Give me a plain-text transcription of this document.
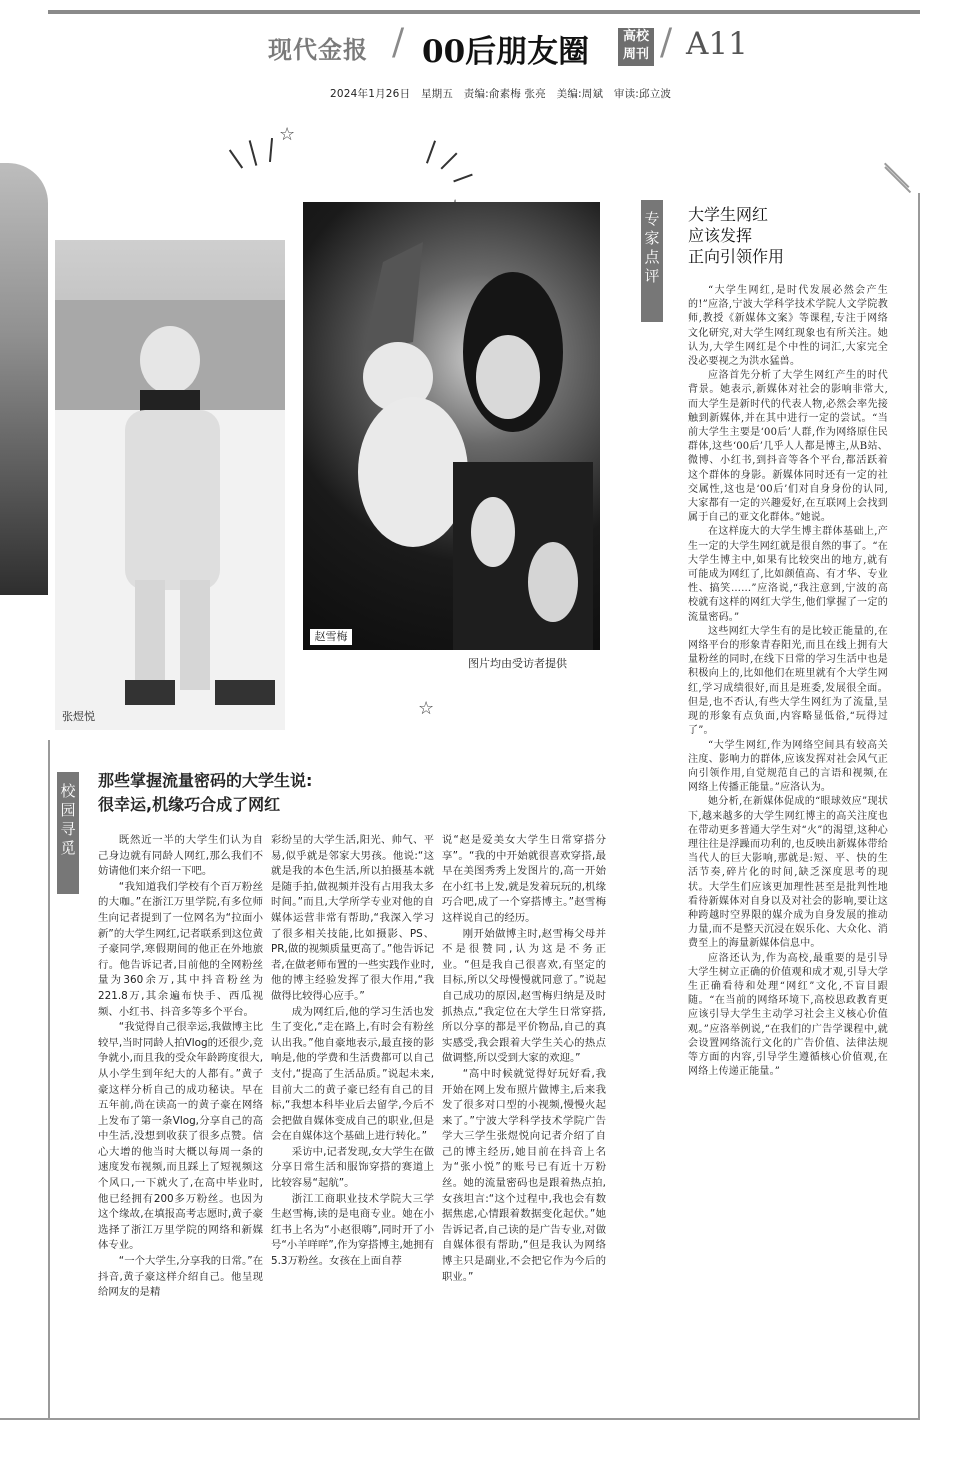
现代金报 / 00后朋友圈	高校周刊 / A11
2024年1月26日　星期五　责编:俞素梅 张亮　美编:周斌　审读:邱立波
☆
☆
张煜悦
赵雪梅
图片均由受访者提供
专家点评
大学生网红
应该发挥
正向引领作用

“大学生网红,是时代发展必然会产生的!”应洛,宁波大学科学技术学院人文学院教师,教授《新媒体文案》等课程,专注于网络文化研究,对大学生网红现象也有所关注。她认为,大学生网红是个中性的词汇,大家完全没必要视之为洪水猛兽。

应洛首先分析了大学生网红产生的时代背景。她表示,新媒体对社会的影响非常大,而大学生是新时代的代表人物,必然会率先接触到新媒体,并在其中进行一定的尝试。“当前大学生主要是‘00后’人群,作为网络原住民群体,这些‘00后’几乎人人都是博主,从B站、微博、小红书,到抖音等各个平台,都活跃着这个群体的身影。新媒体同时还有一定的社交属性,这也是‘00后’们对自身身份的认同,大家都有一定的兴趣爱好,在互联网上会找到属于自己的亚文化群体。”她说。

在这样庞大的大学生博主群体基础上,产生一定的大学生网红就是很自然的事了。“在大学生博主中,如果有比较突出的地方,就有可能成为网红了,比如颜值高、有才华、专业性、搞笑……”应洛说,“我注意到,宁波的高校就有这样的网红大学生,他们掌握了一定的流量密码。”

这些网红大学生有的是比较正能量的,在网络平台的形象青春阳光,而且在线上拥有大量粉丝的同时,在线下日常的学习生活中也是积极向上的,比如他们在班里就有个大学生网红,学习成绩很好,而且是班委,发展很全面。但是,也不否认,有些大学生网红为了流量,呈现的形象有点负面,内容略显低俗,“玩得过了”。

“大学生网红,作为网络空间具有较高关注度、影响力的群体,应该发挥对社会风气正向引领作用,自觉规范自己的言语和视频,在网络上传播正能量。”应洛认为。

她分析,在新媒体促成的“眼球效应”现状下,越来越多的大学生网红博主的高关注度也在带动更多普通大学生对“火”的渴望,这种心理往往是浮躁而功利的,也反映出新媒体带给当代人的巨大影响,那就是:短、平、快的生活节奏,碎片化的时间,缺乏深度思考的现状。大学生们应该更加理性甚至是批判性地看待新媒体对自身以及对社会的影响,要让这种跨越时空界限的媒介成为自身发展的推动力量,而不是整天沉浸在娱乐化、大众化、消费至上的海量新媒体信息中。

应洛还认为,作为高校,最重要的是引导大学生树立正确的价值观和成才观,引导大学生正确看待和处理“网红”文化,不盲目跟随。“在当前的网络环境下,高校思政教育更应该引导大学生主动学习社会主义核心价值观。”应洛举例说,“在我们的广告学课程中,就会设置网络流行文化的广告价值、法律法规等方面的内容,引导学生遵循核心价值观,在网络上传递正能量。”

校园寻觅
那些掌握流量密码的大学生说:
很幸运,机缘巧合成了网红

既然近一半的大学生们认为自己身边就有同龄人网红,那么我们不妨请他们来介绍一下吧。

“我知道我们学校有个百万粉丝的大咖。”在浙江万里学院,有多位师生向记者提到了一位网名为“拉面小新”的大学生网红,记者联系到这位黄子豪同学,寒假期间的他正在外地旅行。他告诉记者,目前他的全网粉丝量为360余万,其中抖音粉丝为221.8万,其余遍布快手、西瓜视频、小红书、抖音多等多个平台。

“我觉得自己很幸运,我做博主比较早,当时同龄人拍Vlog的还很少,竞争就小,而且我的受众年龄跨度很大,从小学生到年纪大的人都有。”黄子豪这样分析自己的成功秘诀。早在五年前,尚在读高一的黄子豪在网络上发布了第一条Vlog,分享自己的高中生活,没想到收获了很多点赞。信心大增的他当时大概以每周一条的速度发布视频,而且踩上了短视频这个风口,一下就火了,在高中毕业时,他已经拥有200多万粉丝。也因为这个缘故,在填报高考志愿时,黄子豪选择了浙江万里学院的网络和新媒体专业。

“一个大学生,分享我的日常。”在抖音,黄子豪这样介绍自己。他呈现给网友的是精

彩纷呈的大学生活,阳光、帅气、平易,似乎就是邻家大男孩。他说:“这就是我的本色生活,所以拍摄基本就是随手拍,做视频并没有占用我太多时间。”而且,大学所学专业对他的自媒体运营非常有帮助,“我深入学习了很多相关技能,比如摄影、PS、PR,做的视频质量更高了。”他告诉记者,在做老师布置的一些实践作业时,他的博主经验发挥了很大作用,“我做得比较得心应手。”

成为网红后,他的学习生活也发生了变化,“走在路上,有时会有粉丝认出我。”他自豪地表示,最直接的影响是,他的学费和生活费都可以自己支付,“提高了生活品质。”说起未来,目前大二的黄子豪已经有自己的目标,“我想本科毕业后去留学,今后不会把做自媒体变成自己的职业,但是会在自媒体这个基础上进行转化。”

采访中,记者发现,女大学生在做分享日常生活和服饰穿搭的赛道上比较容易“起航”。

浙江工商职业技术学院大三学生赵雪梅,读的是电商专业。她在小红书上名为“小赵很嗨”,同时开了小号“小羊咩咩”,作为穿搭博主,她拥有5.3万粉丝。女孩在上面自荐

说“赵是爱美女大学生日常穿搭分享”。“我的中开始就很喜欢穿搭,最早在美图秀秀上发图片的,高一开始在小红书上发,就是发着玩玩的,机缘巧合吧,成了一个穿搭博主。”赵雪梅这样说自己的经历。

刚开始做博主时,赵雪梅父母并不是很赞同,认为这是不务正业。“但是我自己很喜欢,有坚定的目标,所以父母慢慢就同意了。”说起自己成功的原因,赵雪梅归纳是及时抓热点,“我定位在大学生日常穿搭,所以分享的都是平价物品,自己的真实感受,我会跟着大学生关心的热点做调整,所以受到大家的欢迎。”

“高中时候就觉得好玩好看,我开始在网上发布照片做博主,后来我发了很多对口型的小视频,慢慢火起来了。”宁波大学科学技术学院广告学大三学生张煜悦向记者介绍了自己的博主经历,她目前在抖音上名为“张小悦”的账号已有近十万粉丝。她的流量密码也是跟着热点拍,女孩坦言:“这个过程中,我也会有数据焦虑,心情跟着数据变化起伏。”她告诉记者,自己读的是广告专业,对做自媒体很有帮助,“但是我认为网络博主只是副业,不会把它作为今后的职业。”
